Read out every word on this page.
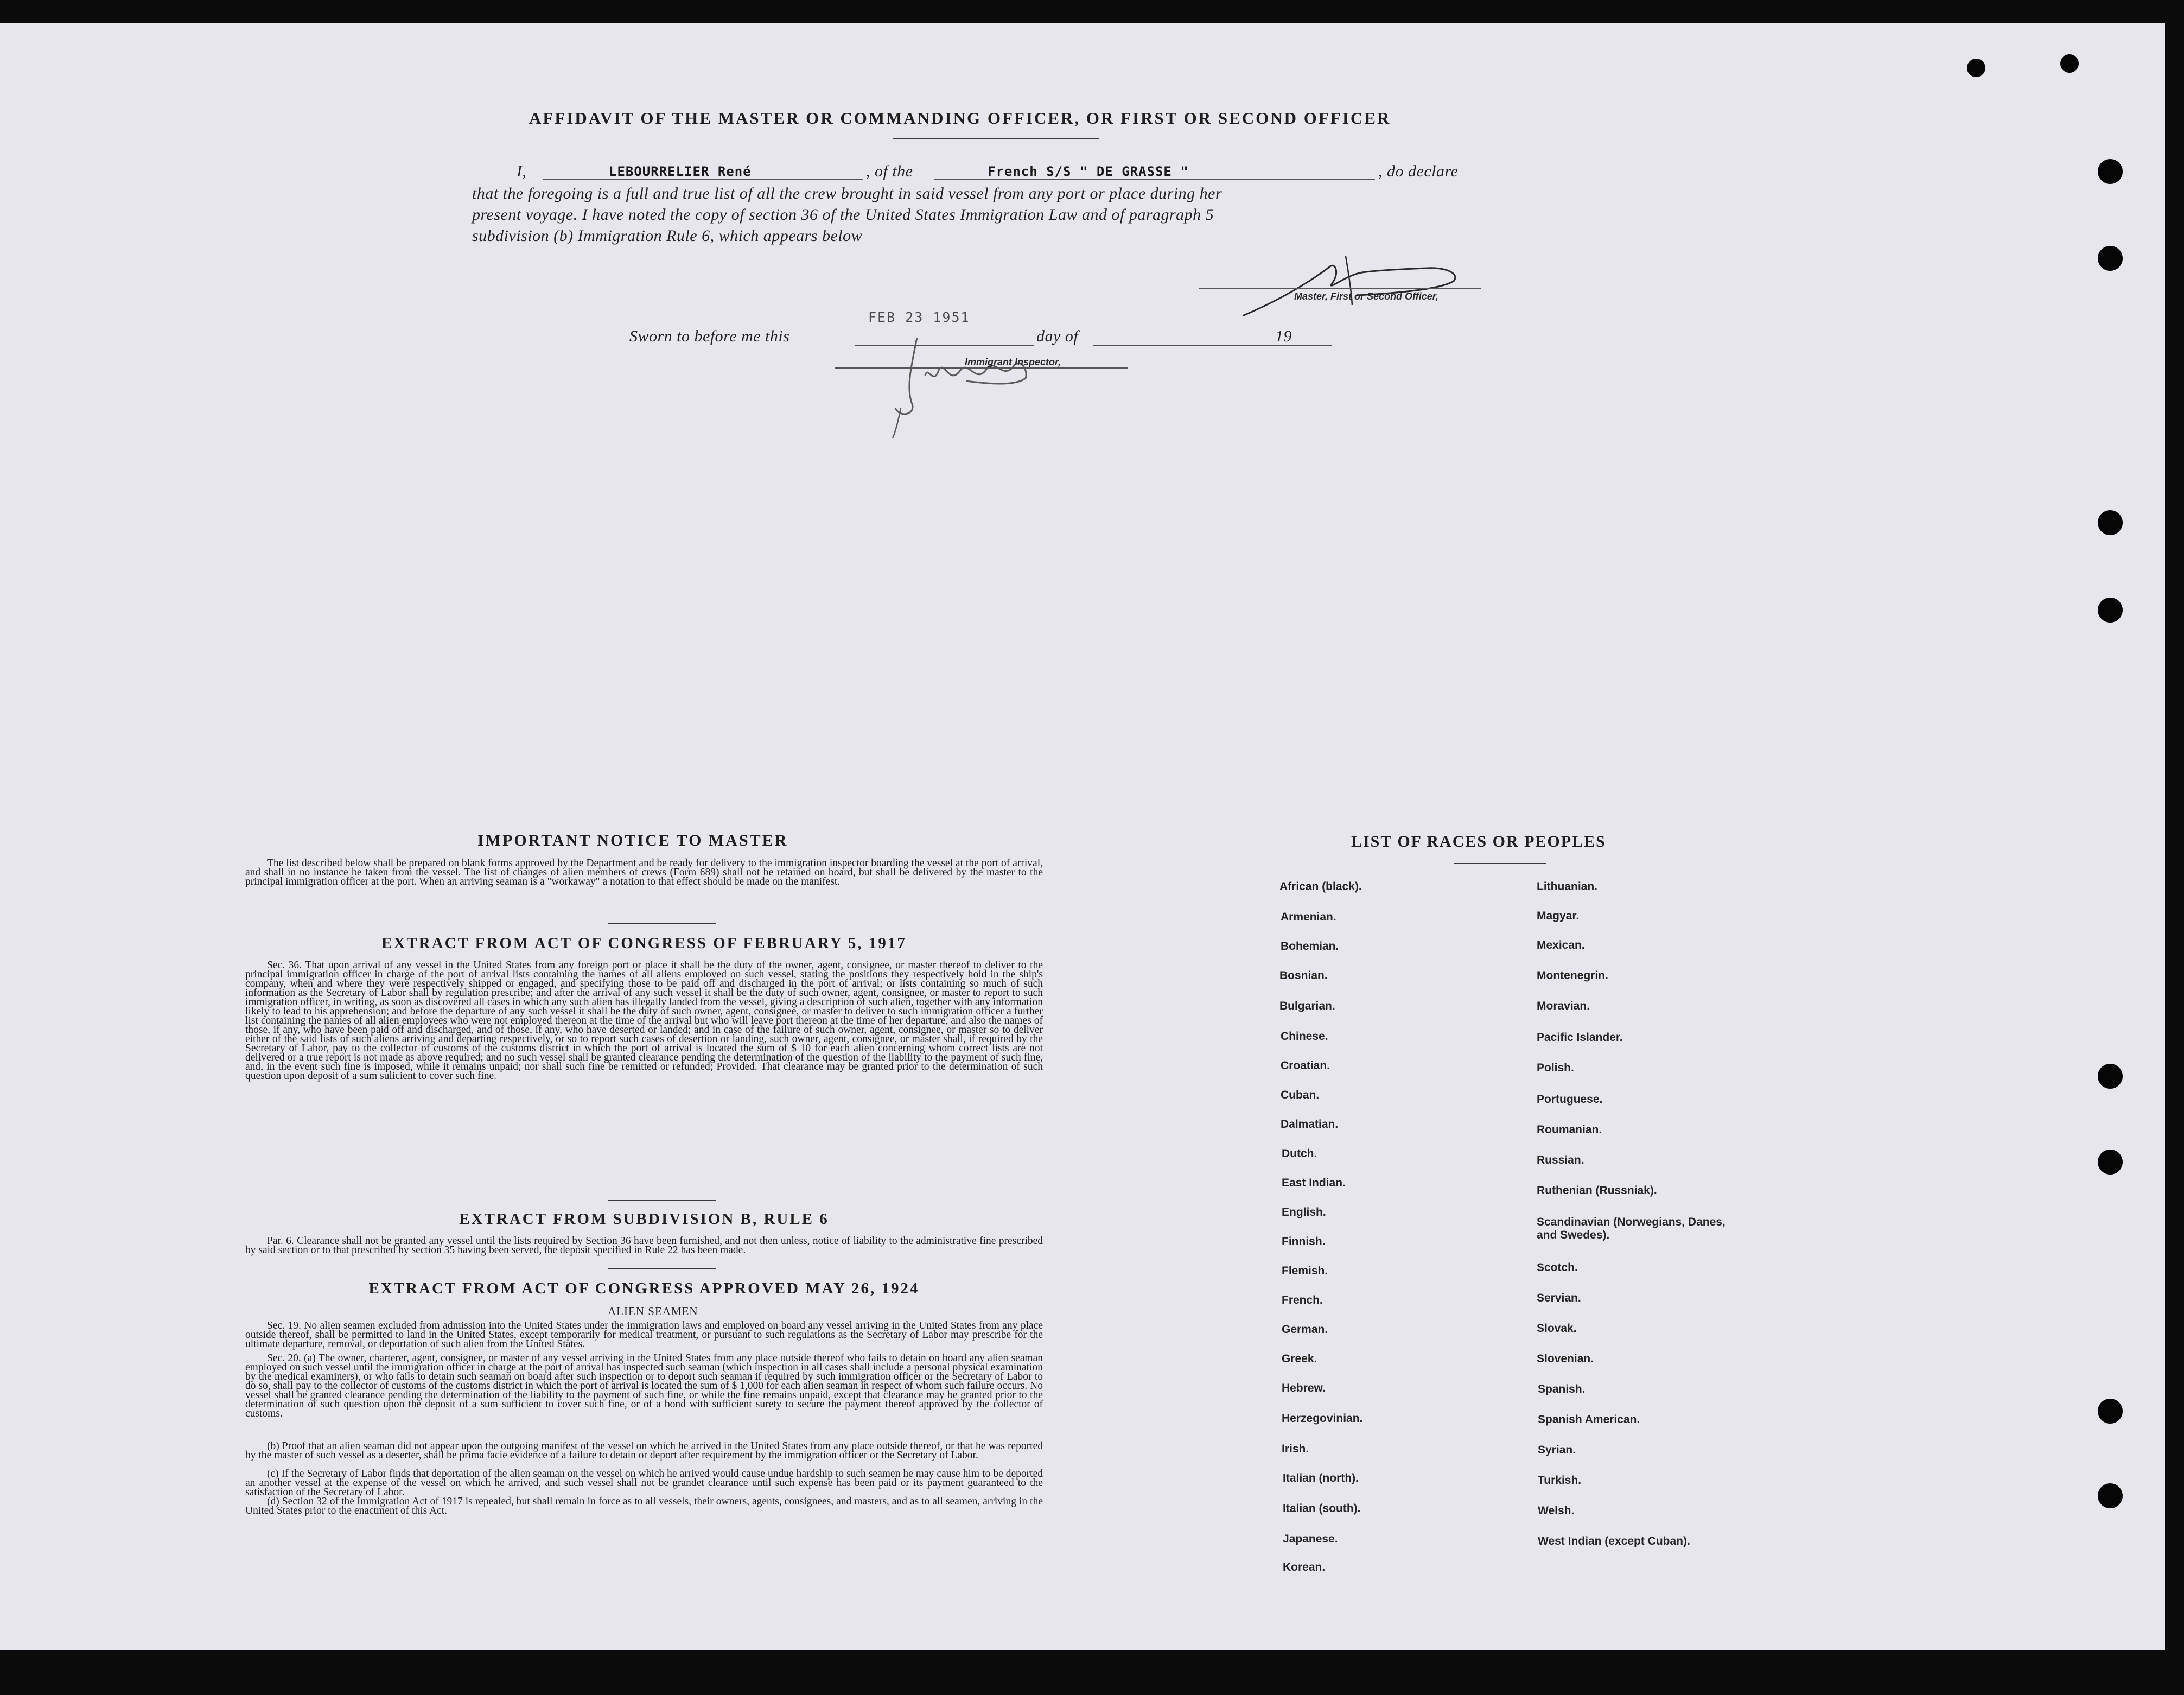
AFFIDAVIT OF THE MASTER OR COMMANDING OFFICER, OR FIRST OR SECOND OFFICER
I,	LEBOURRELIER René	, of the	French S/S " DE GRASSE "	, do declare
that the foregoing is a full and true list of all the crew brought in said vessel from any port or place during her
present voyage. I have noted the copy of section 36 of the United States Immigration Law and of paragraph 5
subdivision (b) Immigration Rule 6, which appears below
Master, First or Second Officer,
Sworn to before me this
FEB 23 1951
day of	19
Immigrant Inspector,
IMPORTANT NOTICE TO MASTER
The list described below shall be prepared on blank forms approved by the Department and be ready for delivery to the immigration inspector boarding the vessel at the port of arrival, and shall in no instance be taken from the vessel. The list of changes of alien members of crews (Form 689) shall not be retained on board, but shall be delivered by the master to the principal immigration officer at the port. When an arriving seaman is a "workaway" a notation to that effect should be made on the manifest.
EXTRACT FROM ACT OF CONGRESS OF FEBRUARY 5, 1917
Sec. 36. That upon arrival of any vessel in the United States from any foreign port or place it shall be the duty of the owner, agent, consignee, or master thereof to deliver to the principal immigration officer in charge of the port of arrival lists containing the names of all aliens employed on such vessel, stating the positions they respectively hold in the ship's company, when and where they were respectively shipped or engaged, and specifying those to be paid off and discharged in the port of arrival; or lists containing so much of such information as the Secretary of Labor shall by regulation prescribe; and after the arrival of any such vessel it shall be the duty of such owner, agent, consignee, or master to report to such immigration officer, in writing, as soon as discovered all cases in which any such alien has illegally landed from the vessel, giving a description of such alien, together with any information likely to lead to his apprehension; and before the departure of any such vessel it shall be the duty of such owner, agent, consignee, or master to deliver to such immigration officer a further list containing the names of all alien employees who were not employed thereon at the time of the arrival but who will leave port thereon at the time of her departure, and also the names of those, if any, who have been paid off and discharged, and of those, if any, who have deserted or landed; and in case of the failure of such owner, agent, consignee, or master so to deliver either of the said lists of such aliens arriving and departing respectively, or so to report such cases of desertion or landing, such owner, agent, consignee, or master shall, if required by the Secretary of Labor, pay to the collector of customs of the customs district in which the port of arrival is located the sum of $ 10 for each alien concerning whom correct lists are not delivered or a true report is not made as above required; and no such vessel shall be granted clearance pending the determination of the question of the liability to the payment of such fine, and, in the event such fine is imposed, while it remains unpaid; nor shall such fine be remitted or refunded; Provided. That clearance may be granted prior to the determination of such question upon deposit of a sum sulicient to cover such fine.
EXTRACT FROM SUBDIVISION B, RULE 6
Par. 6. Clearance shall not be granted any vessel until the lists required by Section 36 have been furnished, and not then unless, notice of liability to the administrative fine prescribed by said section or to that prescribed by section 35 having been served, the deposit specified in Rule 22 has been made.
EXTRACT FROM ACT OF CONGRESS APPROVED MAY 26, 1924
ALIEN SEAMEN
Sec. 19. No alien seamen excluded from admission into the United States under the immigration laws and employed on board any vessel arriving in the United States from any place outside thereof, shall be permitted to land in the United States, except temporarily for medical treatment, or pursuant to such regulations as the Secretary of Labor may prescribe for the ultimate departure, removal, or deportation of such alien from the United States.
Sec. 20. (a) The owner, charterer, agent, consignee, or master of any vessel arriving in the United States from any place outside thereof who fails to detain on board any alien seaman employed on such vessel until the immigration officer in charge at the port of arrival has inspected such seaman (which inspection in all cases shall include a personal physical examination by the medical examiners), or who fails to detain such seaman on board after such inspection or to deport such seaman if required by such immigration officer or the Secretary of Labor to do so, shall pay to the collector of customs of the customs district in which the port of arrival is located the sum of $ 1,000 for each alien seaman in respect of whom such failure occurs. No vessel shall be granted clearance pending the determination of the liability to the payment of such fine, or while the fine remains unpaid, except that clearance may be granted prior to the determination of such question upon the deposit of a sum sufficient to cover such fine, or of a bond with sufficient surety to secure the payment thereof approved by the collector of customs.
(b) Proof that an alien seaman did not appear upon the outgoing manifest of the vessel on which he arrived in the United States from any place outside thereof, or that he was reported by the master of such vessel as a deserter, shall be prima facie evidence of a failure to detain or deport after requirement by the immigration officer or the Secretary of Labor.
(c) If the Secretary of Labor finds that deportation of the alien seaman on the vessel on which he arrived would cause undue hardship to such seamen he may cause him to be deported an another vessel at the expense of the vessel on which he arrived, and such vessel shall not be grandet clearance until such expense has been paid or its payment guaranteed to the satisfaction of the Secretary of Labor.
(d) Section 32 of the Immigration Act of 1917 is repealed, but shall remain in force as to all vessels, their owners, agents, consignees, and masters, and as to all seamen, arriving in the United States prior to the enactment of this Act.
LIST OF RACES OR PEOPLES
African (black).
Armenian.
Bohemian.
Bosnian.
Bulgarian.
Chinese.
Croatian.
Cuban.
Dalmatian.
Dutch.
East Indian.
English.
Finnish.
Flemish.
French.
German.
Greek.
Hebrew.
Herzegovinian.
Irish.
Italian (north).
Italian (south).
Japanese.
Korean.
Lithuanian.
Magyar.
Mexican.
Montenegrin.
Moravian.
Pacific Islander.
Polish.
Portuguese.
Roumanian.
Russian.
Ruthenian (Russniak).
Scandinavian (Norwegians, Danes, and Swedes).
Scotch.
Servian.
Slovak.
Slovenian.
Spanish.
Spanish American.
Syrian.
Turkish.
Welsh.
West Indian (except Cuban).
